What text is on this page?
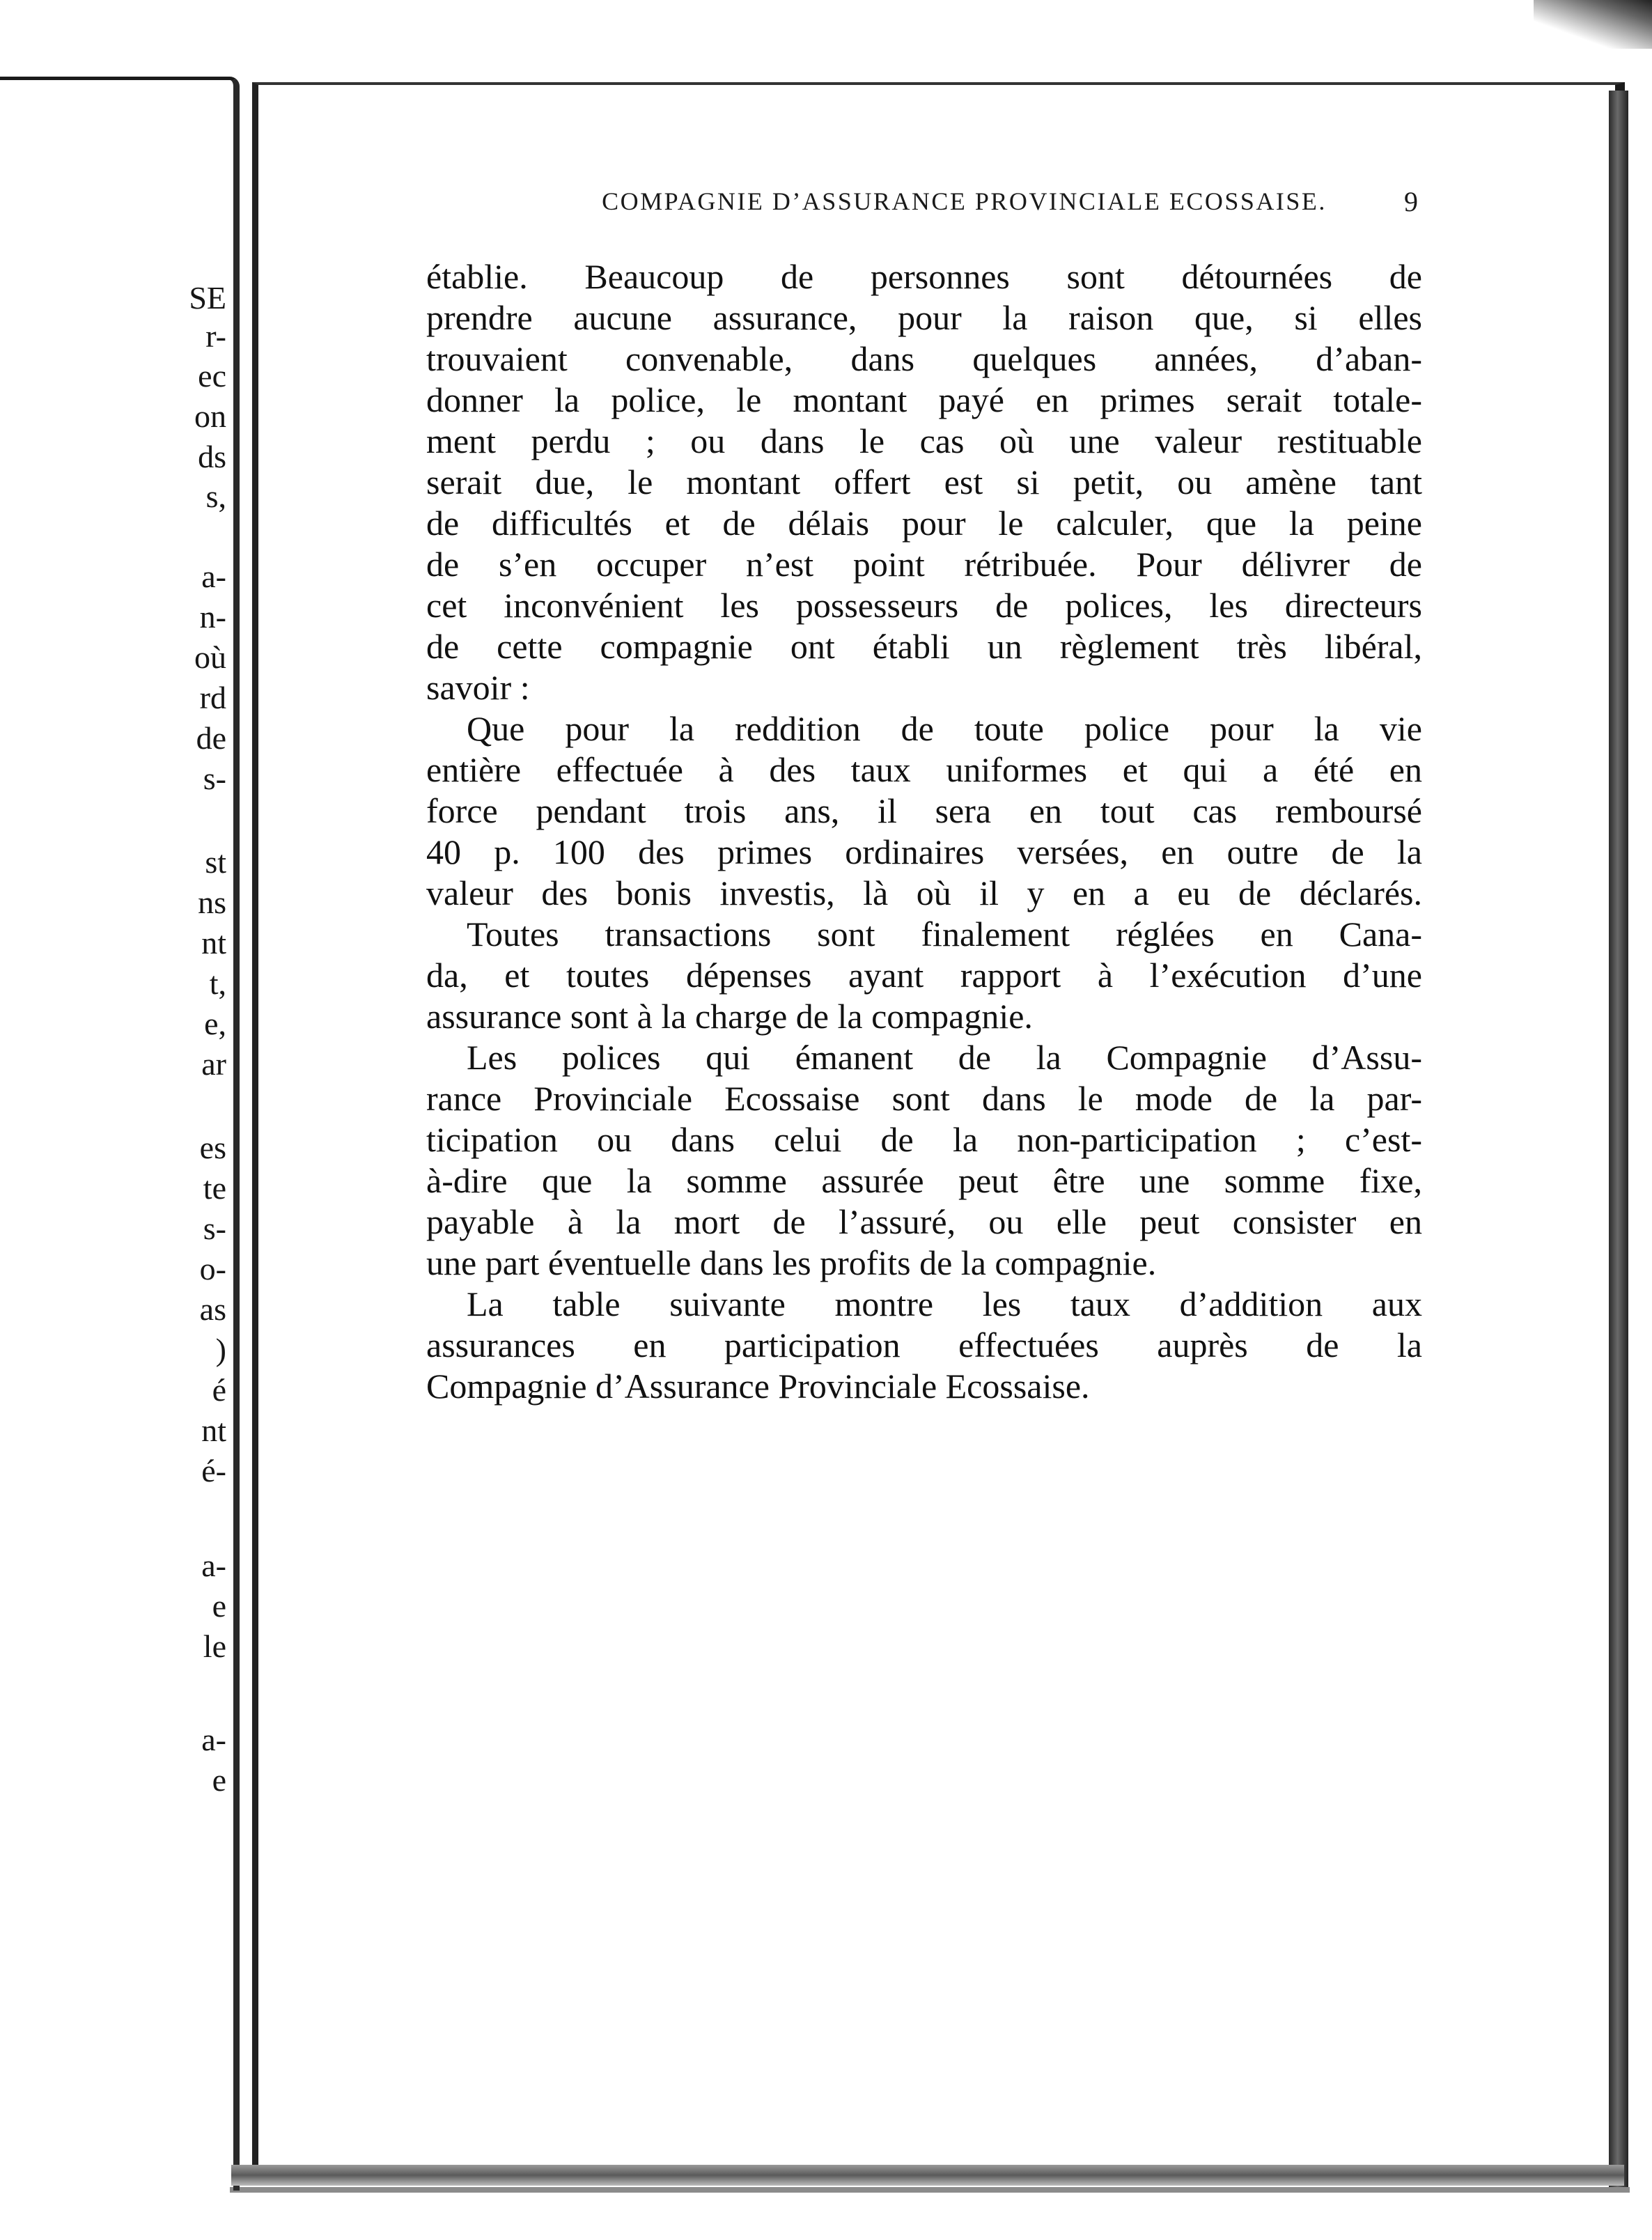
SE

r-

ec

on

ds

s,

a-

n-

où

rd

de

s-

st

ns

nt

t,

e,

ar

es

te

s-

o-

as

)

é

nt

é-

a-

e

le

a-

e

COMPAGNIE D’ASSURANCE PROVINCIALE ECOSSAISE.	9

établie. Beaucoup de personnes sont détournées de
prendre aucune assurance, pour la raison que, si elles
trouvaient convenable, dans quelques années, d’aban-
donner la police, le montant payé en primes serait totale-
ment perdu ; ou dans le cas où une valeur restituable
serait due, le montant offert est si petit, ou amène tant
de difficultés et de délais pour le calculer, que la peine
de s’en occuper n’est point rétribuée. Pour délivrer de
cet inconvénient les possesseurs de polices, les directeurs
de cette compagnie ont établi un règlement très libéral,
savoir :
Que pour la reddition de toute police pour la vie
entière effectuée à des taux uniformes et qui a été en
force pendant trois ans, il sera en tout cas remboursé
40 p. 100 des primes ordinaires versées, en outre de la
valeur des bonis investis, là où il y en a eu de déclarés.
Toutes transactions sont finalement réglées en Cana-
da, et toutes dépenses ayant rapport à l’exécution d’une
assurance sont à la charge de la compagnie.
Les polices qui émanent de la Compagnie d’Assu-
rance Provinciale Ecossaise sont dans le mode de la par-
ticipation ou dans celui de la non-participation ; c’est-
à-dire que la somme assurée peut être une somme fixe,
payable à la mort de l’assuré, ou elle peut consister en
une part éventuelle dans les profits de la compagnie.
La table suivante montre les taux d’addition aux
assurances en participation effectuées auprès de la
Compagnie d’Assurance Provinciale Ecossaise.
